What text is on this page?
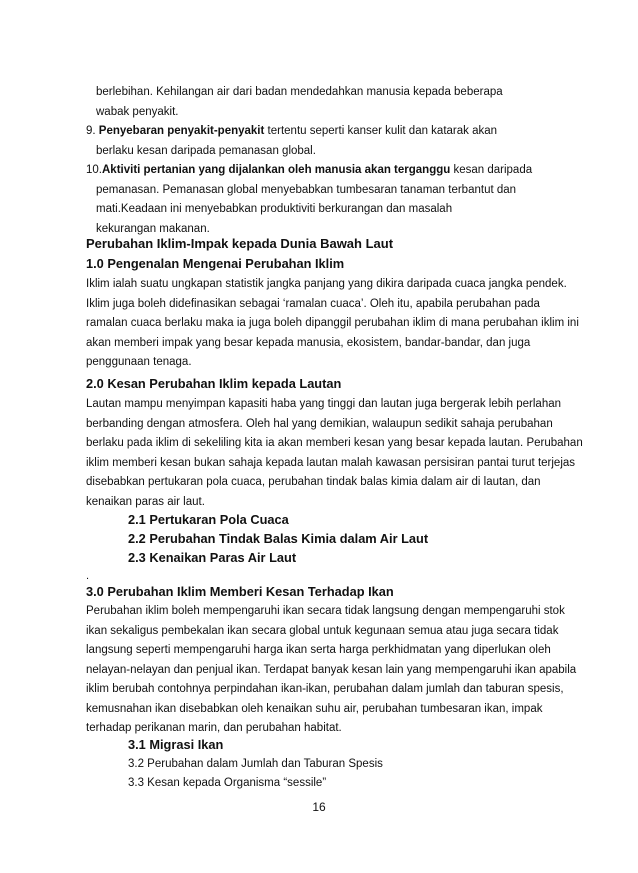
berlebihan. Kehilangan air dari badan mendedahkan manusia kepada beberapa
wabak penyakit.
9. Penyebaran penyakit-penyakit tertentu seperti kanser kulit dan katarak akan
berlaku kesan daripada pemanasan global.
10.Aktiviti pertanian yang dijalankan oleh manusia akan terganggu kesan daripada
pemanasan. Pemanasan global menyebabkan tumbesaran tanaman terbantut dan
mati.Keadaan ini menyebabkan produktiviti berkurangan dan masalah
kekurangan makanan.
Perubahan Iklim-Impak kepada Dunia Bawah Laut
1.0 Pengenalan Mengenai Perubahan Iklim
Iklim ialah suatu ungkapan statistik jangka panjang yang dikira daripada cuaca jangka pendek.
Iklim juga boleh didefinasikan sebagai ‘ramalan cuaca’. Oleh itu, apabila perubahan pada
ramalan cuaca berlaku maka ia juga boleh dipanggil perubahan iklim di mana perubahan iklim ini
akan memberi impak yang besar kepada manusia, ekosistem, bandar-bandar, dan juga
penggunaan tenaga.
2.0 Kesan Perubahan Iklim kepada Lautan
Lautan mampu menyimpan kapasiti haba yang tinggi dan lautan juga bergerak lebih perlahan
berbanding dengan atmosfera. Oleh hal yang demikian, walaupun sedikit sahaja perubahan
berlaku pada iklim di sekeliling kita ia akan memberi kesan yang besar kepada lautan. Perubahan
iklim memberi kesan bukan sahaja kepada lautan malah kawasan persisiran pantai turut terjejas
disebabkan pertukaran pola cuaca, perubahan tindak balas kimia dalam air di lautan, dan
kenaikan paras air laut.
2.1 Pertukaran Pola Cuaca
2.2 Perubahan Tindak Balas Kimia dalam Air Laut
2.3 Kenaikan Paras Air Laut
.
3.0 Perubahan Iklim Memberi Kesan Terhadap Ikan
Perubahan iklim boleh mempengaruhi ikan secara tidak langsung dengan mempengaruhi stok
ikan sekaligus pembekalan ikan secara global untuk kegunaan semua atau juga secara tidak
langsung seperti mempengaruhi harga ikan serta harga perkhidmatan yang diperlukan oleh
nelayan-nelayan dan penjual ikan. Terdapat banyak kesan lain yang mempengaruhi ikan apabila
iklim berubah contohnya perpindahan ikan-ikan, perubahan dalam jumlah dan taburan spesis,
kemusnahan ikan disebabkan oleh kenaikan suhu air, perubahan tumbesaran ikan, impak
terhadap perikanan marin, dan perubahan habitat.
3.1 Migrasi Ikan
3.2 Perubahan dalam Jumlah dan Taburan Spesis
3.3 Kesan kepada Organisma “sessile”
16
